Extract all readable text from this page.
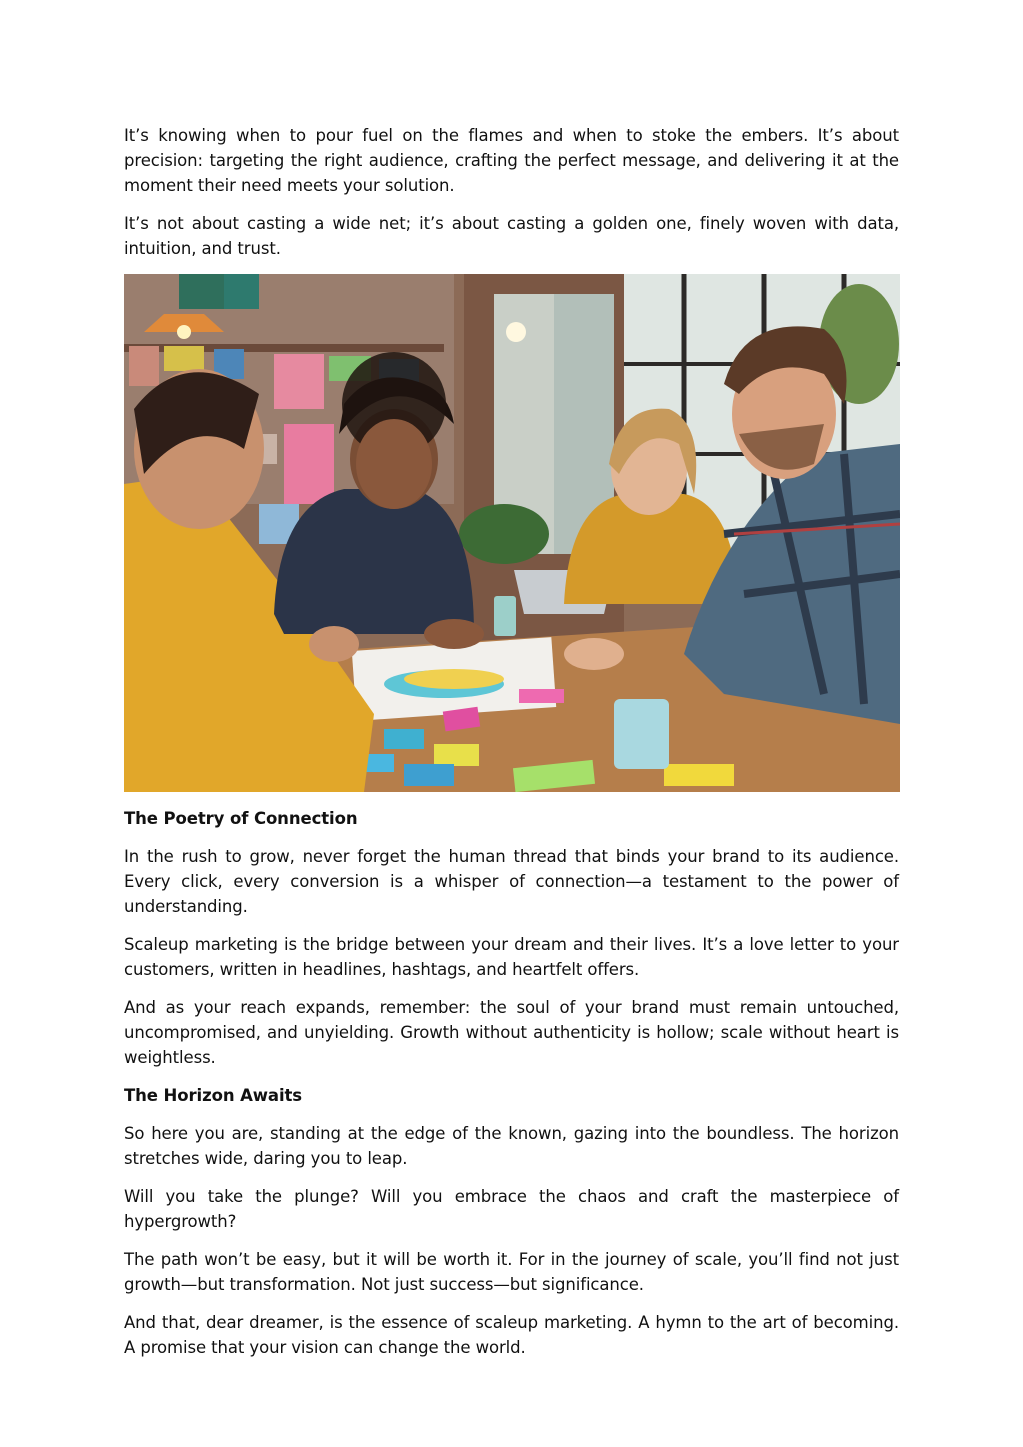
It’s knowing when to pour fuel on the flames and when to stoke the embers. It’s about precision: targeting the right audience, crafting the perfect message, and delivering it at the moment their need meets your solution.

It’s not about casting a wide net; it’s about casting a golden one, finely woven with data, intuition, and trust.

The Poetry of Connection

In the rush to grow, never forget the human thread that binds your brand to its audience. Every click, every conversion is a whisper of connection—a testament to the power of understanding.

Scaleup marketing is the bridge between your dream and their lives. It’s a love letter to your customers, written in headlines, hashtags, and heartfelt offers.

And as your reach expands, remember: the soul of your brand must remain untouched, uncompromised, and unyielding. Growth without authenticity is hollow; scale without heart is weightless.

The Horizon Awaits

So here you are, standing at the edge of the known, gazing into the boundless. The horizon stretches wide, daring you to leap.

Will you take the plunge? Will you embrace the chaos and craft the masterpiece of hypergrowth?

The path won’t be easy, but it will be worth it. For in the journey of scale, you’ll find not just growth—but transformation. Not just success—but significance.

And that, dear dreamer, is the essence of scaleup marketing. A hymn to the art of becoming. A promise that your vision can change the world.
